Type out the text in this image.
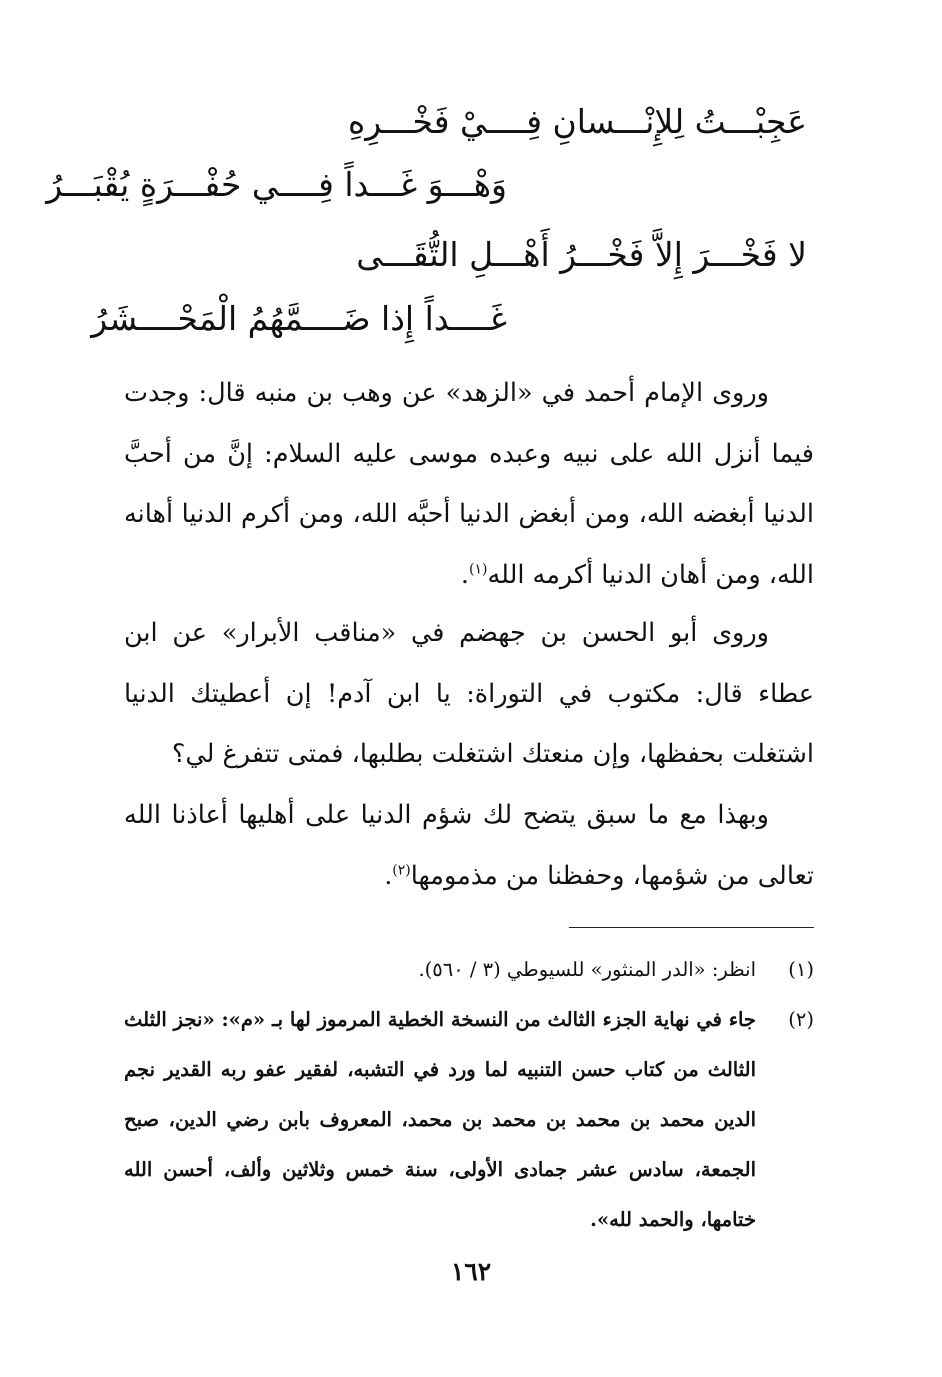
عَجِبْـــتُ لِلإِنْـــسانِ فِــــيْ فَخْـــرِهِ
وَهْـــوَ غَـــداً فِــــي حُفْـــرَةٍ يُقْبَـــرُ
لا فَخْـــرَ إِلاَّ فَخْـــرُ أَهْـــلِ التُّقَـــى
غَــــداً إِذا ضَــــمَّهُمُ الْمَحْــــشَرُ

وروى الإمام أحمد في «الزهد» عن وهب بن منبه قال: وجدت فيما أنزل الله على نبيه وعبده موسى عليه السلام: إنَّ من أحبَّ الدنيا أبغضه الله، ومن أبغض الدنيا أحبَّه الله، ومن أكرم الدنيا أهانه الله، ومن أهان الدنيا أكرمه الله$^{(١)}$.

وروى أبو الحسن بن جهضم في «مناقب الأبرار» عن ابن عطاء قال: مكتوب في التوراة: يا ابن آدم! إن أعطيتك الدنيا اشتغلت بحفظها، وإن منعتك اشتغلت بطلبها، فمتى تتفرغ لي؟

وبهذا مع ما سبق يتضح لك شؤم الدنيا على أهليها أعاذنا الله تعالى من شؤمها، وحفظنا من مذمومها$^{(٢)}$.

(١)
انظر: «الدر المنثور» للسيوطي (٣ / ٥٦٠).
(٢)
جاء في نهاية الجزء الثالث من النسخة الخطية المرموز لها بـ «م»: «نجز الثلث الثالث من كتاب حسن التنبيه لما ورد في التشبه، لفقير عفو ربه القدير نجم الدين محمد بن محمد بن محمد بن محمد، المعروف بابن رضي الدين، صبح الجمعة، سادس عشر جمادى الأولى، سنة خمس وثلاثين وألف، أحسن الله ختامها، والحمد لله».
١٦٢
